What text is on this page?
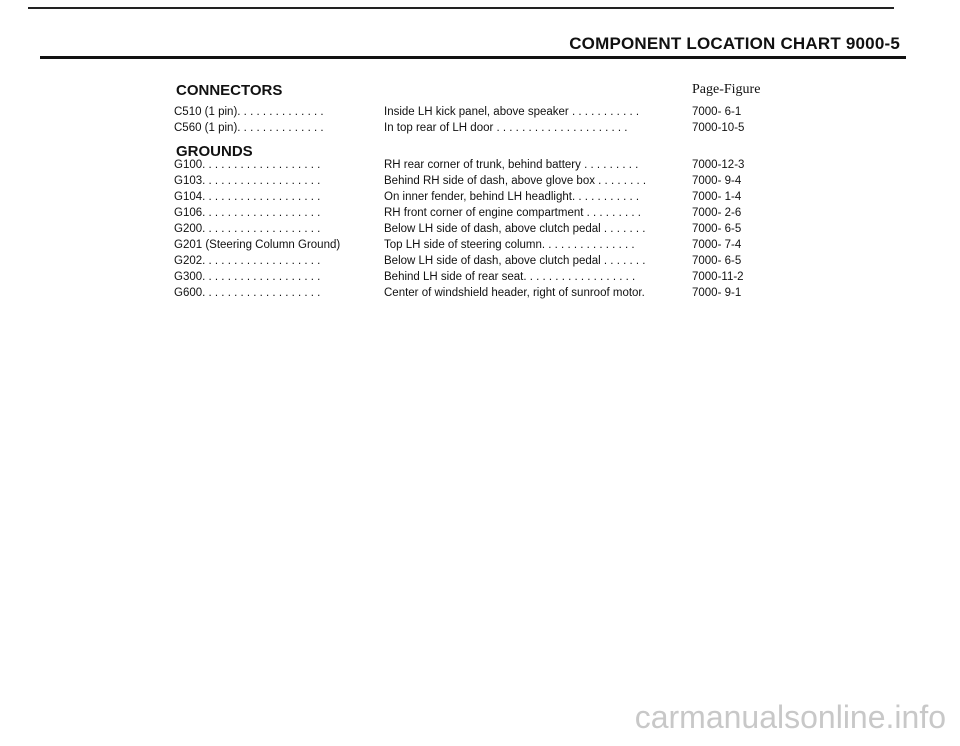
COMPONENT LOCATION CHART 9000-5
CONNECTORS	Page-Figure
C510 (1 pin). . . . . . . . . . . . . .	Inside LH kick panel, above speaker . . . . . . . . . . .	7000- 6-1
C560 (1 pin). . . . . . . . . . . . . .	In top rear of LH door . . . . . . . . . . . . . . . . . . . . .	7000-10-5
GROUNDS
G100. . . . . . . . . . . . . . . . . . .	RH rear corner of trunk, behind battery . . . . . . . . .	7000-12-3
G103. . . . . . . . . . . . . . . . . . .	Behind RH side of dash, above glove box . . . . . . . .	7000- 9-4
G104. . . . . . . . . . . . . . . . . . .	On inner fender, behind LH headlight. . . . . . . . . . .	7000- 1-4
G106. . . . . . . . . . . . . . . . . . .	RH front corner of engine compartment . . . . . . . . .	7000- 2-6
G200. . . . . . . . . . . . . . . . . . .	Below LH side of dash, above clutch pedal . . . . . . .	7000- 6-5
G201 (Steering Column Ground)	Top LH side of steering column. . . . . . . . . . . . . . .	7000- 7-4
G202. . . . . . . . . . . . . . . . . . .	Below LH side of dash, above clutch pedal . . . . . . .	7000- 6-5
G300. . . . . . . . . . . . . . . . . . .	Behind LH side of rear seat. . . . . . . . . . . . . . . . . .	7000-11-2
G600. . . . . . . . . . . . . . . . . . .	Center of windshield header, right of sunroof motor.	7000- 9-1
carmanualsonline.info
